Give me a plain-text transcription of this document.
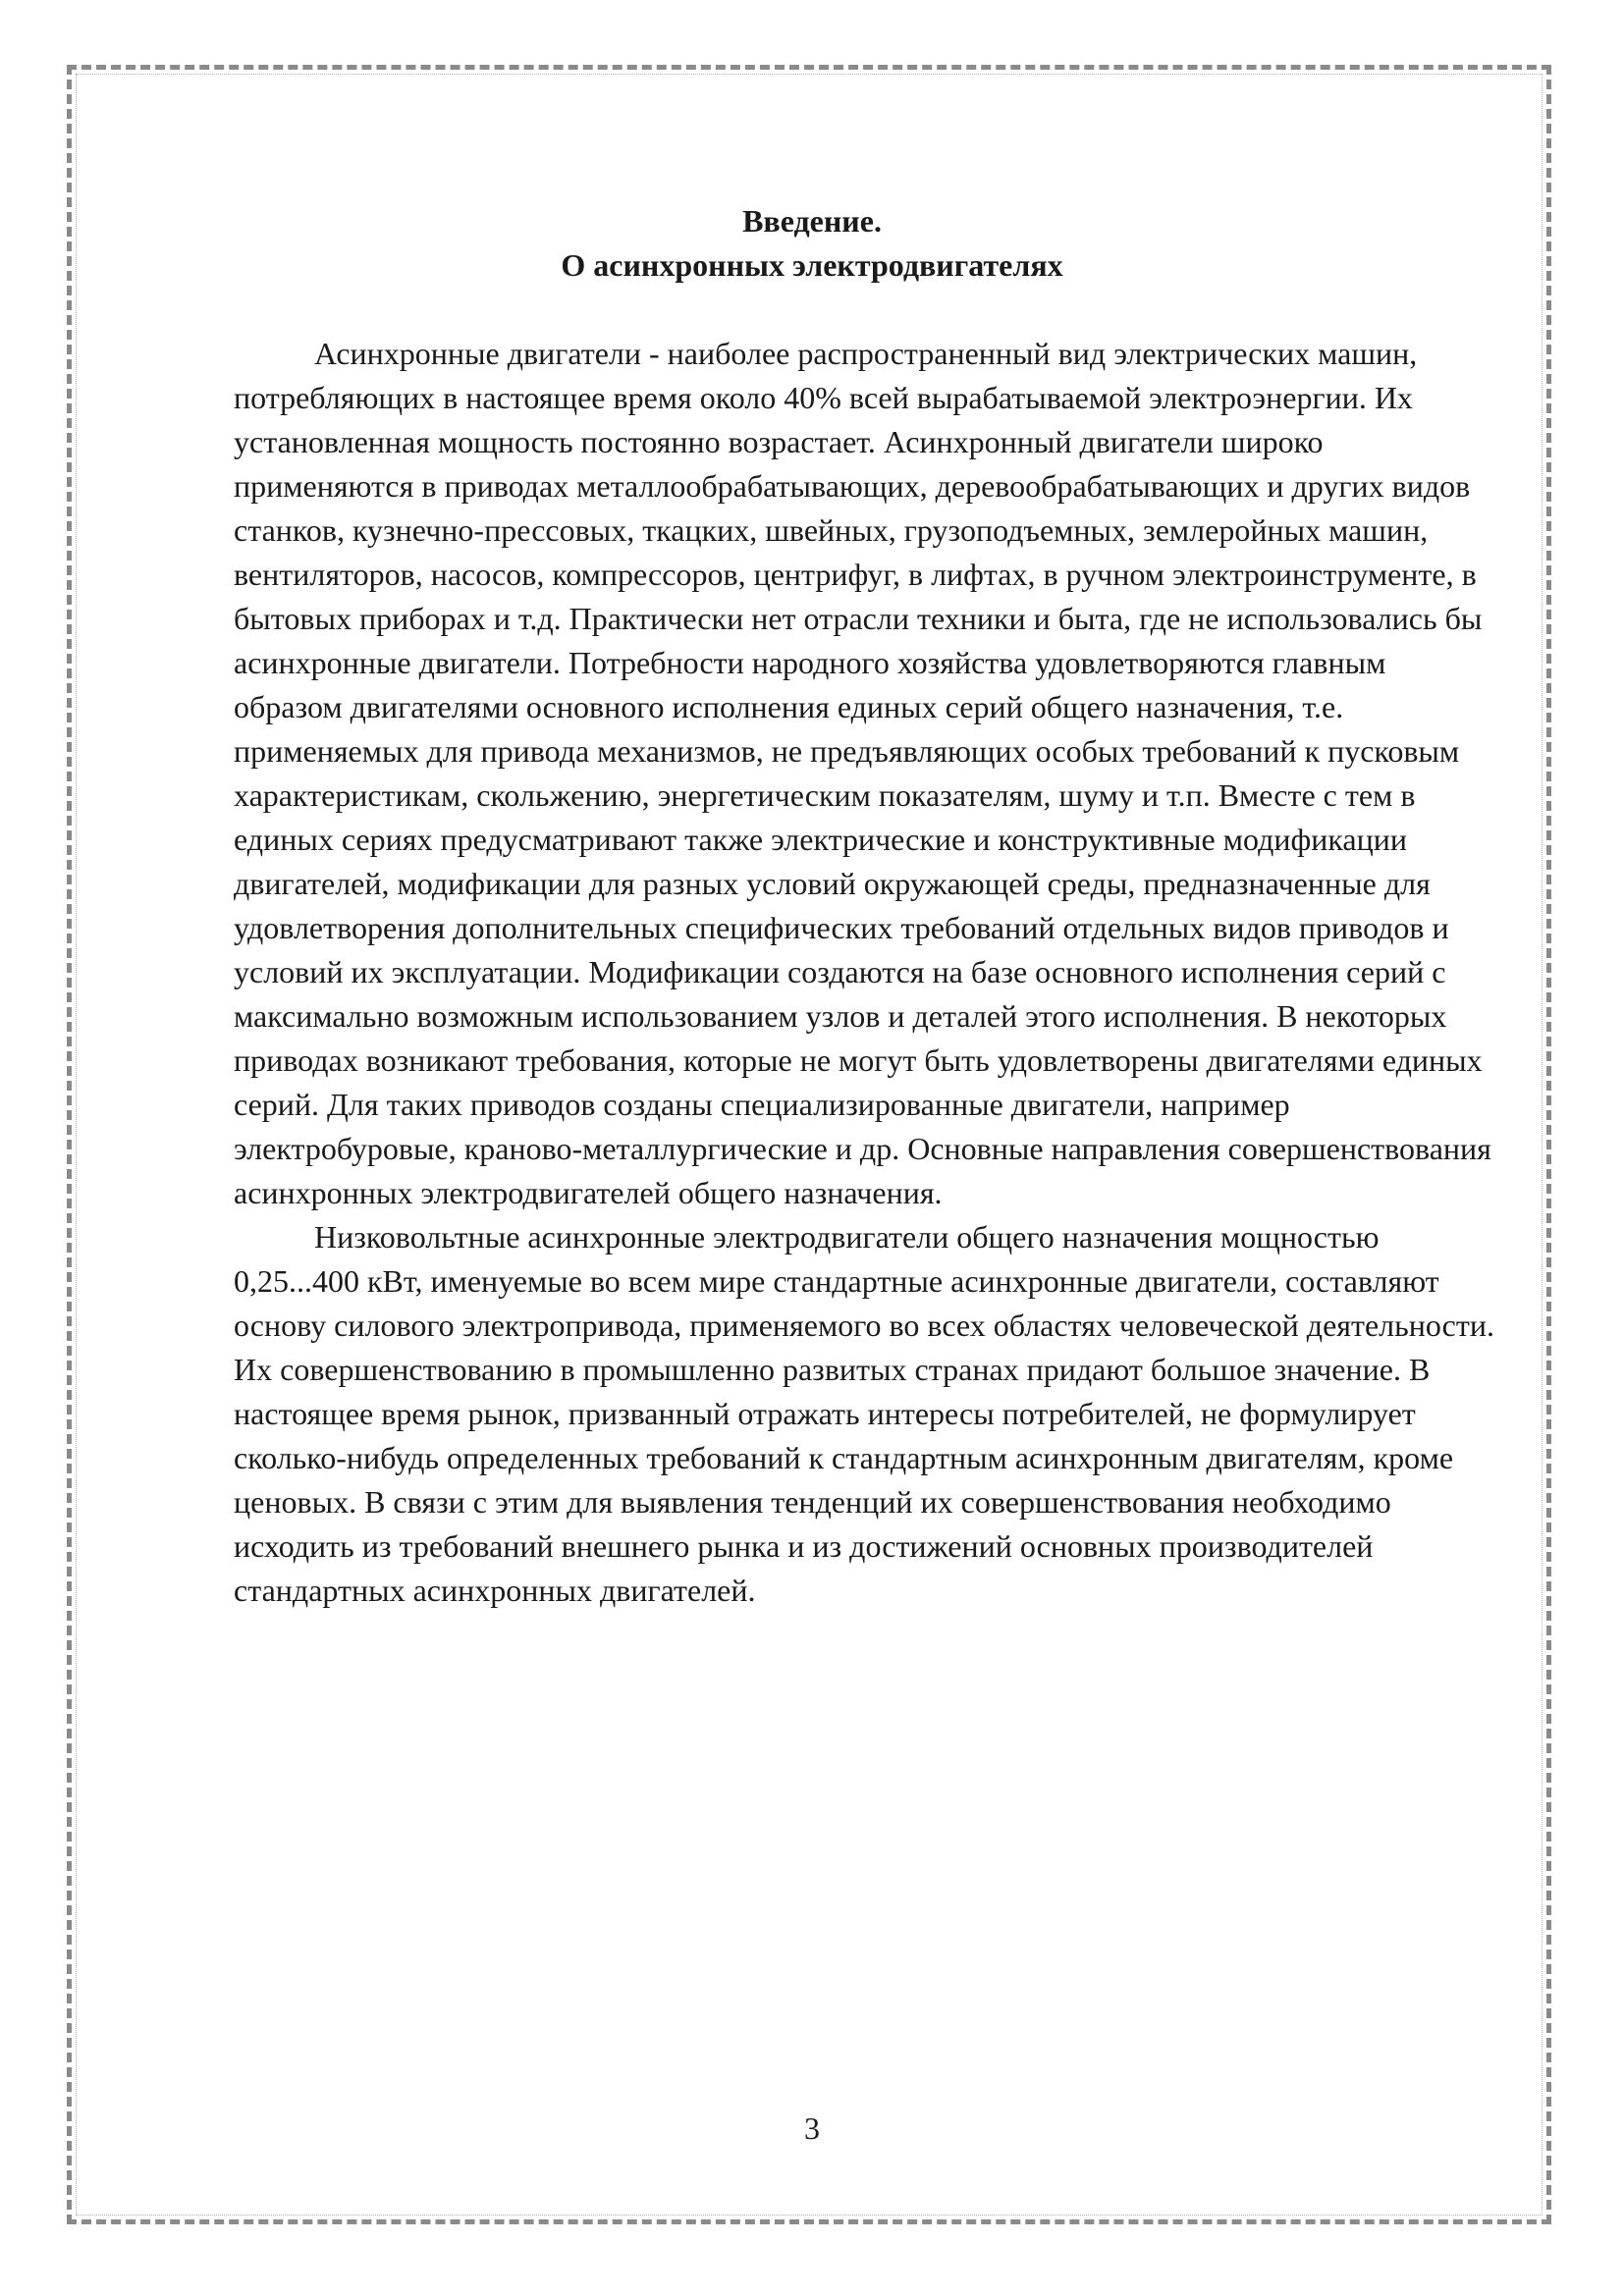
Введение.
О асинхронных электродвигателях

Асинхронные двигатели - наиболее распространенный вид электрических машин, потребляющих в настоящее время около 40% всей вырабатываемой электроэнергии. Их установленная мощность постоянно возрастает. Асинхронный двигатели широко применяются в приводах металлообрабатывающих, деревообрабатывающих и других видов станков, кузнечно-прессовых, ткацких, швейных, грузоподъемных, землеройных машин, вентиляторов, насосов, компрессоров, центрифуг, в лифтах, в ручном электроинструменте, в бытовых приборах и т.д. Практически нет отрасли техники и быта, где не использовались бы асинхронные двигатели. Потребности народного хозяйства удовлетворяются главным образом двигателями основного исполнения единых серий общего назначения, т.е. применяемых для привода механизмов, не предъявляющих особых требований к пусковым характеристикам, скольжению, энергетическим показателям, шуму и т.п. Вместе с тем в единых сериях предусматривают также электрические и конструктивные модификации двигателей, модификации для разных условий окружающей среды, предназначенные для удовлетворения дополнительных специфических требований отдельных видов приводов и условий их эксплуатации. Модификации создаются на базе основного исполнения серий с максимально возможным использованием узлов и деталей этого исполнения. В некоторых приводах возникают требования, которые не могут быть удовлетворены двигателями единых серий. Для таких приводов созданы специализированные двигатели, например электробуровые, краново-металлургические и др. Основные направления совершенствования асинхронных электродвигателей общего назначения.

Низковольтные асинхронные электродвигатели общего назначения мощностью 0,25...400 кВт, именуемые во всем мире стандартные асинхронные двигатели, составляют основу силового электропривода, применяемого во всех областях человеческой деятельности. Их совершенствованию в промышленно развитых странах придают большое значение. В настоящее время рынок, призванный отражать интересы потребителей, не формулирует сколько-нибудь определенных требований к стандартным асинхронным двигателям, кроме ценовых. В связи с этим для выявления тенденций их совершенствования необходимо исходить из требований внешнего рынка и из достижений основных производителей стандартных асинхронных двигателей.

3
